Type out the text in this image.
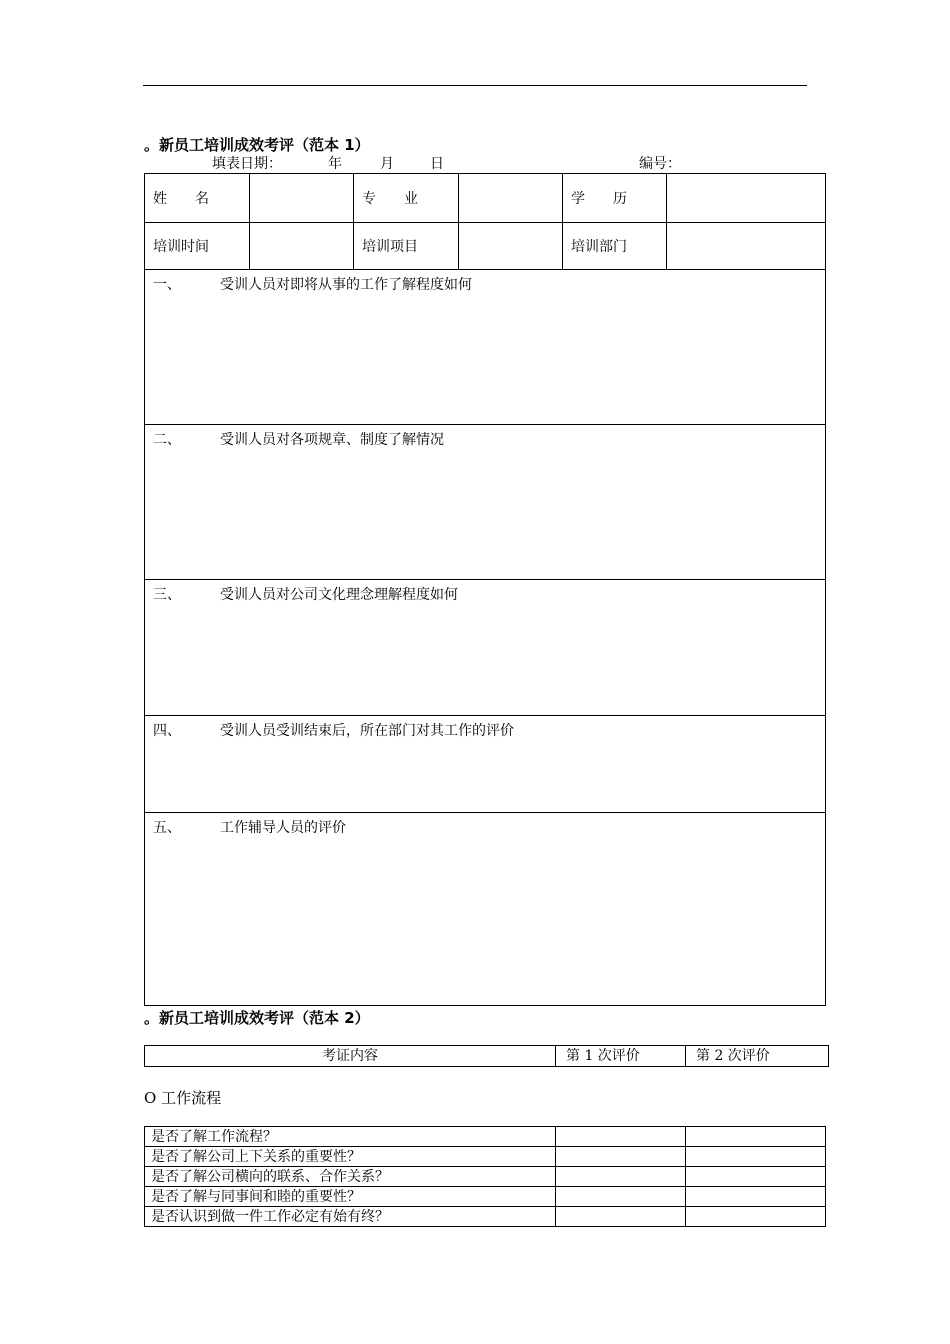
。新员工培训成效考评（范本 1）
填表日期：	年	月	日	编号：
姓　　名		专　　业		学　　历	
培训时间		培训项目		培训部门	
一、 受训人员对即将从事的工作了解程度如何					
二、 受训人员对各项规章、制度了解情况					
三、 受训人员对公司文化理念理解程度如何					
四、 受训人员受训结束后，所在部门对其工作的评价					
五、 工作辅导人员的评价					
。新员工培训成效考评（范本 2）
考证内容	第 1 次评价	第 2 次评价
O 工作流程
是否了解工作流程？		
是否了解公司上下关系的重要性？		
是否了解公司横向的联系、合作关系？		
是否了解与同事间和睦的重要性？		
是否认识到做一件工作必定有始有终？		
